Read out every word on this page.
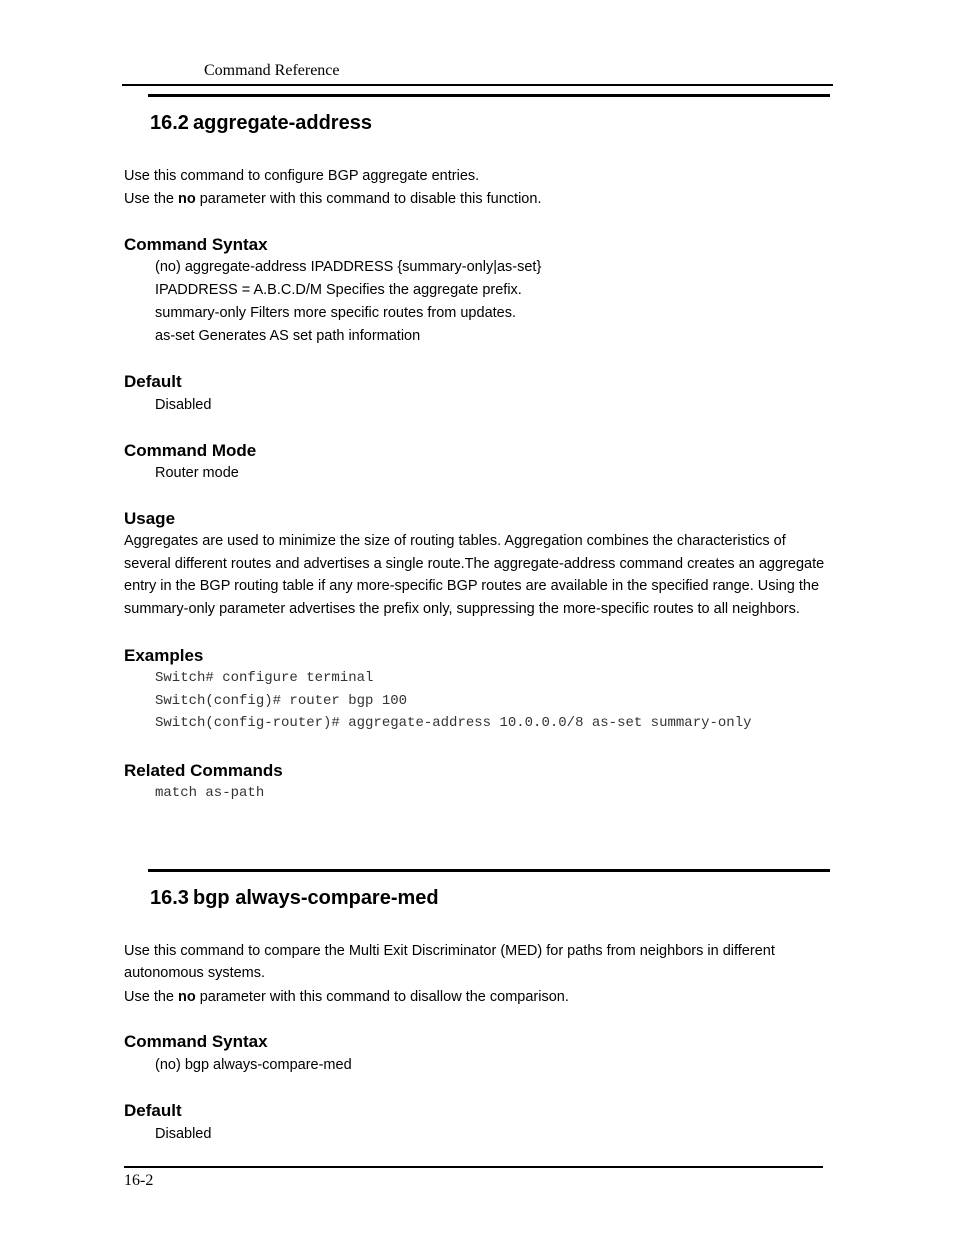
Command Reference
16.2 aggregate-address
Use this command to configure BGP aggregate entries.
Use the no parameter with this command to disable this function.
Command Syntax
(no) aggregate-address IPADDRESS {summary-only|as-set}
IPADDRESS = A.B.C.D/M Specifies the aggregate prefix.
summary-only Filters more specific routes from updates.
as-set Generates AS set path information
Default
Disabled
Command Mode
Router mode
Usage
Aggregates are used to minimize the size of routing tables. Aggregation combines the characteristics of several different routes and advertises a single route.The aggregate-address command creates an aggregate entry in the BGP routing table if any more-specific BGP routes are available in the specified range. Using the summary-only parameter advertises the prefix only, suppressing the more-specific routes to all neighbors.
Examples
Switch# configure terminal
Switch(config)# router bgp 100
Switch(config-router)# aggregate-address 10.0.0.0/8 as-set summary-only
Related Commands
match as-path
16.3 bgp always-compare-med
Use this command to compare the Multi Exit Discriminator (MED) for paths from neighbors in different
autonomous systems.
Use the no parameter with this command to disallow the comparison.
Command Syntax
(no) bgp always-compare-med
Default
Disabled
16-2
